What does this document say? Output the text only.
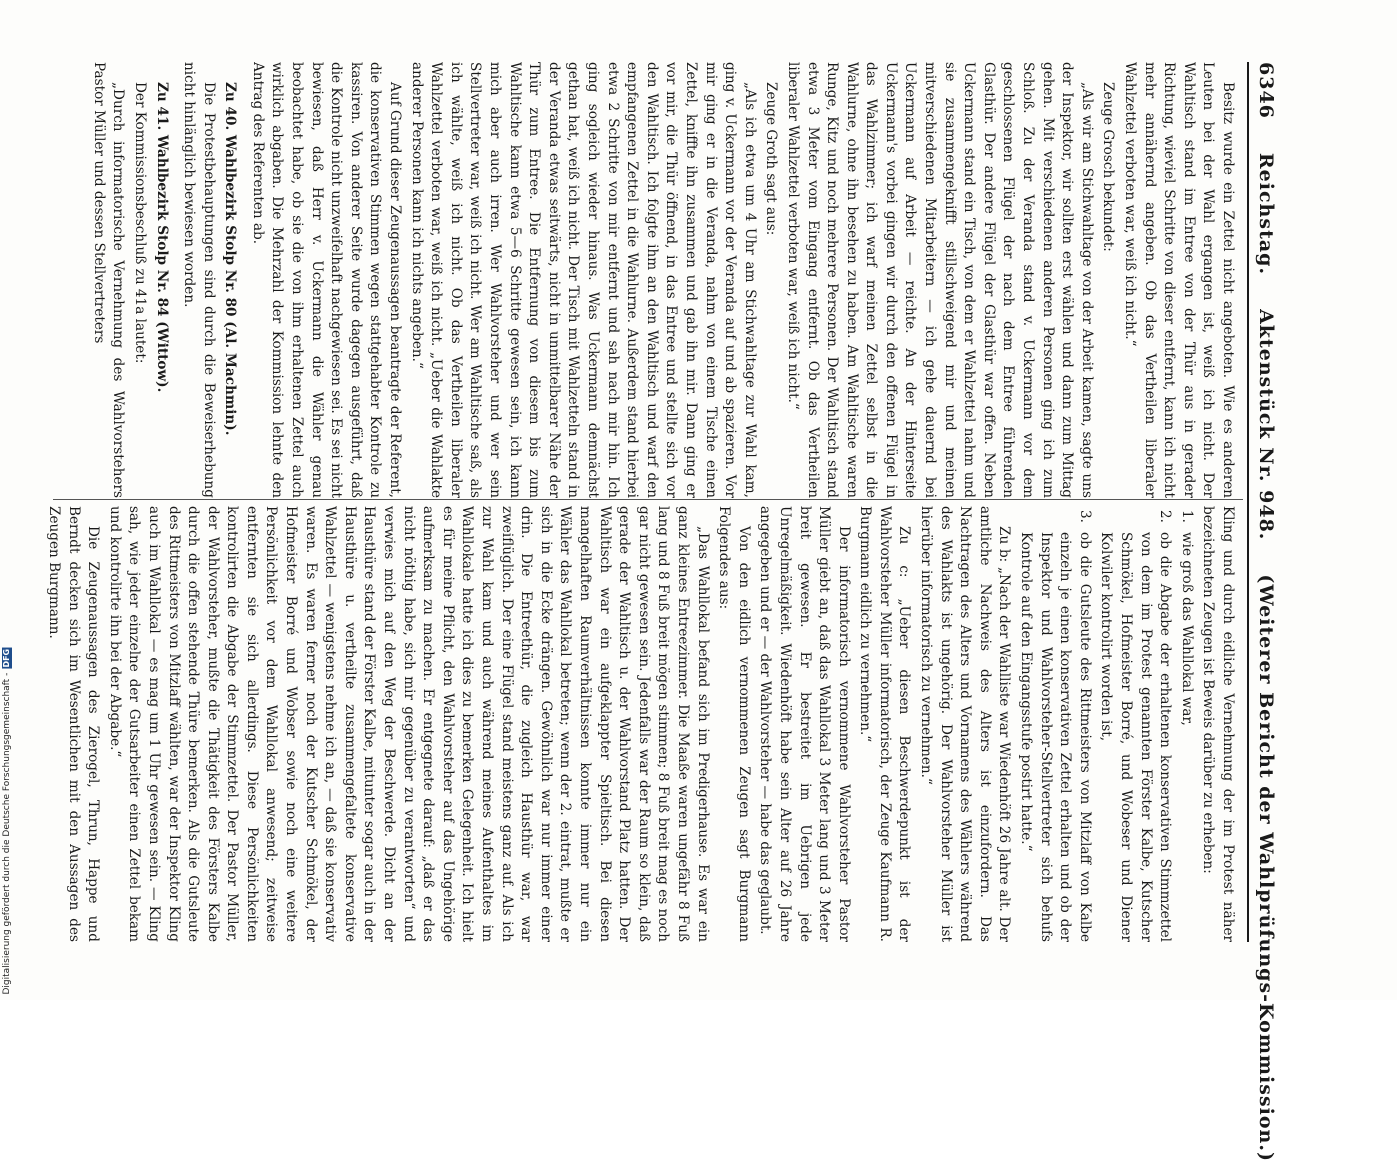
6346
Reichstag.
Aktenstück Nr. 948.
(Weiterer Bericht der Wahlprüfungs-Kommission.)

Besitz wurde ein Zettel nicht angeboten. Wie es anderen Leuten bei der Wahl ergangen ist, weiß ich nicht. Der Wahltisch stand im Entree von der Thür aus in gerader Richtung, wieviel Schritte von dieser entfernt, kann ich nicht mehr annähernd angeben. Ob das Vertheilen liberaler Wahlzettel verboten war, weiß ich nicht.“

Zeuge Grosch bekundet:

„Als wir am Stichwahltage von der Arbeit kamen, sagte uns der Inspektor, wir sollten erst wählen und dann zum Mittag gehen. Mit verschiedenen anderen Personen ging ich zum Schloß. Zu der Veranda stand v. Uckermann vor dem geschlossenen Flügel der nach dem Entree führenden Glasthür. Der andere Flügel der Glasthür war offen. Neben Uckermann stand ein Tisch, von dem er Wahlzettel nahm und sie zusammengeknifft stillschweigend mir und meinen mitverschiedenen Mitarbeitern — ich gehe dauernd bei Uckermann auf Arbeit — reichte. An der Hinterseite Uckermann's vorbei gingen wir durch den offenen Flügel in das Wahlzimmer; ich warf meinen Zettel selbst in die Wahlurne, ohne ihn besehen zu haben. Am Wahltische waren Runge, Kitz und noch mehrere Personen. Der Wahltisch stand etwa 3 Meter vom Eingang entfernt. Ob das Vertheilen liberaler Wahlzettel verboten war, weiß ich nicht.“

Zeuge Groth sagt aus:

„Als ich etwa um 4 Uhr am Stichwahltage zur Wahl kam, ging v. Uckermann vor der Veranda auf und ab spazieren. Vor mir ging er in die Veranda, nahm von einem Tische einen Zettel, kniffte ihn zusammen und gab ihn mir. Dann ging er vor mir, die Thür öffnend, in das Entree und stellte sich vor den Wahltisch. Ich folgte ihm an den Wahltisch und warf den empfangenen Zettel in die Wahlurne. Außerdem stand hierbei etwa 2 Schritte von mir entfernt und sah nach mir hin. Ich ging sogleich wieder hinaus. Was Uckermann demnächst gethan hat, weiß ich nicht. Der Tisch mit Wahlzetteln stand in der Veranda etwas seitwärts, nicht in unmittelbarer Nähe der Thür zum Entree. Die Entfernung von diesem bis zum Wahltische kann etwa 5—6 Schritte gewesen sein, ich kann mich aber auch irren. Wer Wahlvorsteher und wer sein Stellvertreter war, weiß ich nicht. Wer am Wahltische saß, als ich wählte, weiß ich nicht. Ob das Vertheilen liberaler Wahlzettel verboten war, weiß ich nicht. „Ueber die Wahlakte anderer Personen kann ich nichts angeben.“

Auf Grund dieser Zeugenaussagen beantragte der Referent, die konservativen Stimmen wegen stattgehabter Kontrole zu kassiren. Von anderer Seite wurde dagegen ausgeführt, daß die Kontrole nicht unzweifelhaft nachgewiesen sei. Es sei nicht bewiesen, daß Herr v. Uckermann die Wähler genau beobachtet habe, ob sie die von ihm erhaltenen Zettel auch wirklich abgaben. Die Mehrzahl der Kommission lehnte den Antrag des Referenten ab.

Zu 40. Wahlbezirk Stolp Nr. 80 (Al. Machmin).

Die Protestbehauptungen sind durch die Beweiserhebung nicht hinlänglich bewiesen worden.

Zu 41. Wahlbezirk Stolp Nr. 84 (Wittow).

Der Kommissionsbeschluß zu 41a lautet:

„Durch informatorische Vernehmung des Wahlvorstehers Pastor Müller und dessen Stellvertreters

Kling und durch eidliche Vernehmung der im Protest näher bezeichneten Zeugen ist Beweis darüber zu erheben:

1.
wie groß das Wahllokal war,

2.
ob die Abgabe der erhaltenen konservativen Stimmzettel von dem im Protest genannten Förster Kalbe, Kutscher Schmökel, Hofmeister Borré, und Wobeser und Diener Kolwiler kontrolirt worden ist,

3.
ob die Gutsleute des Rittmeisters von Mitzlaff von Kalbe einzeln je einen konservativen Zettel erhalten und ob der Inspektor und Wahlvorsteher-Stellvertreter sich behufs Kontrole auf den Eingangsstufe postirt hatte.“

Zu b: „Nach der Wahlliste war Wiedenhöft 26 Jahre alt. Der amtliche Nachweis des Alters ist einzufordern. Das Nachtragen des Alters und Vornamens des Wählers während des Wahlakts ist ungehörig. Der Wahlvorsteher Müller ist hierüber informatorisch zu vernehmen.“

Zu c: „Ueber diesen Beschwerdepunkt ist der Wahlvorsteher Müller informatorisch, der Zeuge Kaufmann R. Burgmann eidlich zu vernehmen.“

Der informatorisch vernommene Wahlvorsteher Pastor Müller giebt an, daß das Wahllokal 3 Meter lang und 3 Meter breit gewesen. Er bestreitet im Uebrigen jede Unregelmäßigkeit. Wiedenhöft habe sein Alter auf 26 Jahre angegeben und er — der Wahlvorsteher — habe das geglaubt.

Von den eidlich vernommenen Zeugen sagt Burgmann Folgendes aus:

„Das Wahllokal befand sich im Predigerhause. Es war ein ganz kleines Entreezimmer. Die Maaße waren ungefähr 8 Fuß lang und 8 Fuß breit mögen stimmen; 8 Fuß breit mag es noch gar nicht gewesen sein. Jedenfalls war der Raum so klein, daß gerade der Wahltisch u. der Wahlvorstand Platz hatten. Der Wahltisch war ein aufgeklappter Spieltisch. Bei diesen mangelhaften Raumverhältnissen konnte immer nur ein Wähler das Wahllokal betreten; wenn der 2. eintrat, mußte er sich in die Ecke drängen. Gewöhnlich war nur immer einer drin. Die Entreethür, die zugleich Hausthür war, war zweiflüglich. Der eine Flügel stand meistens ganz auf. Als ich zur Wahl kam und auch während meines Aufenthaltes im Wahllokale hatte ich dies zu bemerken Gelegenheit. Ich hielt es für meine Pflicht, den Wahlvorsteher auf das Ungehörige aufmerksam zu machen. Er entgegnete darauf: „daß er das nicht nöthig habe, sich mir gegenüber zu verantworten“ und verwies mich auf den Weg der Beschwerde. Dicht an der Hausthüre stand der Förster Kalbe, mitunter sogar auch in der Hausthüre u. vertheilte zusammengefaltete konservative Wahlzettel — wenigstens nehme ich an, — daß sie konservativ waren. Es waren ferner noch der Kutscher Schmökel, der Hofmeister Borré und Wobser sowie noch eine weitere Persönlichkeit vor dem Wahllokal anwesend; zeitweise entfernten sie sich allerdings. Diese Persönlichkeiten kontrolirten die Abgabe der Stimmzettel. Der Pastor Müller, der Wahlvorsteher, mußte die Thätigkeit des Försters Kalbe durch die offen stehende Thüre bemerken. Als die Gutsleute des Rittmeisters von Mitzlaff wählten, war der Inspektor Kling auch im Wahllokal — es mag um 1 Uhr gewesen sein. — Kling sah, wie jeder einzelne der Gutsarbeiter einen Zettel bekam und kontrolirte ihn bei der Abgabe.“

Die Zeugenaussagen des Zierogel, Thrun, Happe und Berndt decken sich im Wesentlichen mit den Aussagen des Zeugen Burgmann.

Digitalisierung gefördert durch die Deutsche Forschungsgemeinschaft -
DFG
